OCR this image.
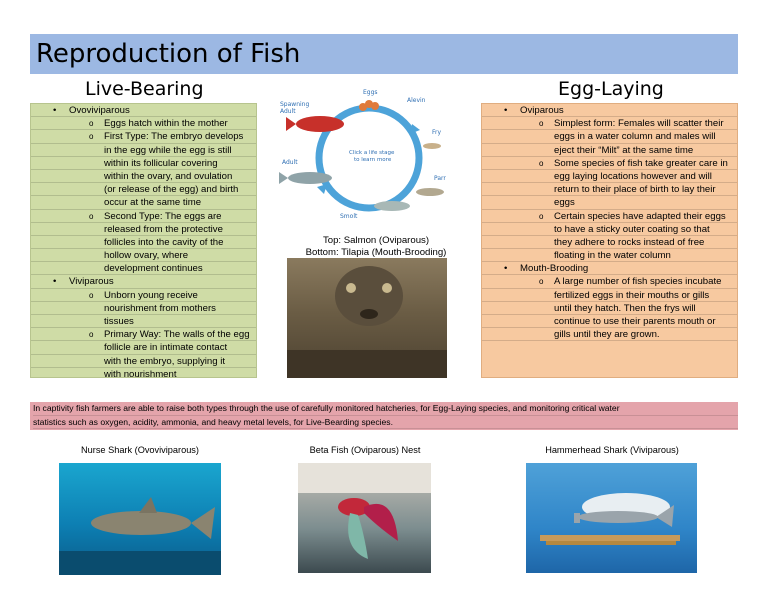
Reproduction of Fish
Live-Bearing	Egg-Laying
• Ovoviviparous
o Eggs hatch within the mother
o First Type: The embryo develops
in the egg while the egg is still
within its follicular covering
within the ovary, and ovulation
(or release of the egg) and birth
occur at the same time
o Second Type: The eggs are
released from the protective
follicles into the cavity of the
hollow ovary, where
development continues
• Viviparous
o Unborn young receive
nourishment from mothers
tissues
o Primary Way: The walls of the egg
follicle are in intimate contact
with the embryo, supplying it
with nourishment
• Oviparous
o Simplest form: Females will scatter their
eggs in a water column and males will
eject their “Milt” at the same time
o Some species of fish take greater care in
egg laying locations however and will
return to their place of birth to lay their
eggs
o Certain species have adapted their eggs
to have a sticky outer coating so that
they adhere to rocks instead of free
floating in the water column
• Mouth-Brooding
o A large number of fish species incubate
fertilized eggs in their mouths or gills
until they hatch. Then the frys will
continue to use their parents mouth or
gills until they are grown.
Eggs
Alevin
Fry
Parr
Smolt
Adult
Spawning
Adult
Click a life stage
to learn more
Top: Salmon (Oviparous)
Bottom: Tilapia (Mouth-Brooding)
In captivity fish farmers are able to raise both types through the use of carefully monitored hatcheries, for Egg-Laying species, and monitoring critical water
statistics such as oxygen, acidity, ammonia, and heavy metal levels, for Live-Bearding species.
Nurse Shark (Ovoviviparous)	Beta Fish (Oviparous) Nest	Hammerhead Shark (Viviparous)
